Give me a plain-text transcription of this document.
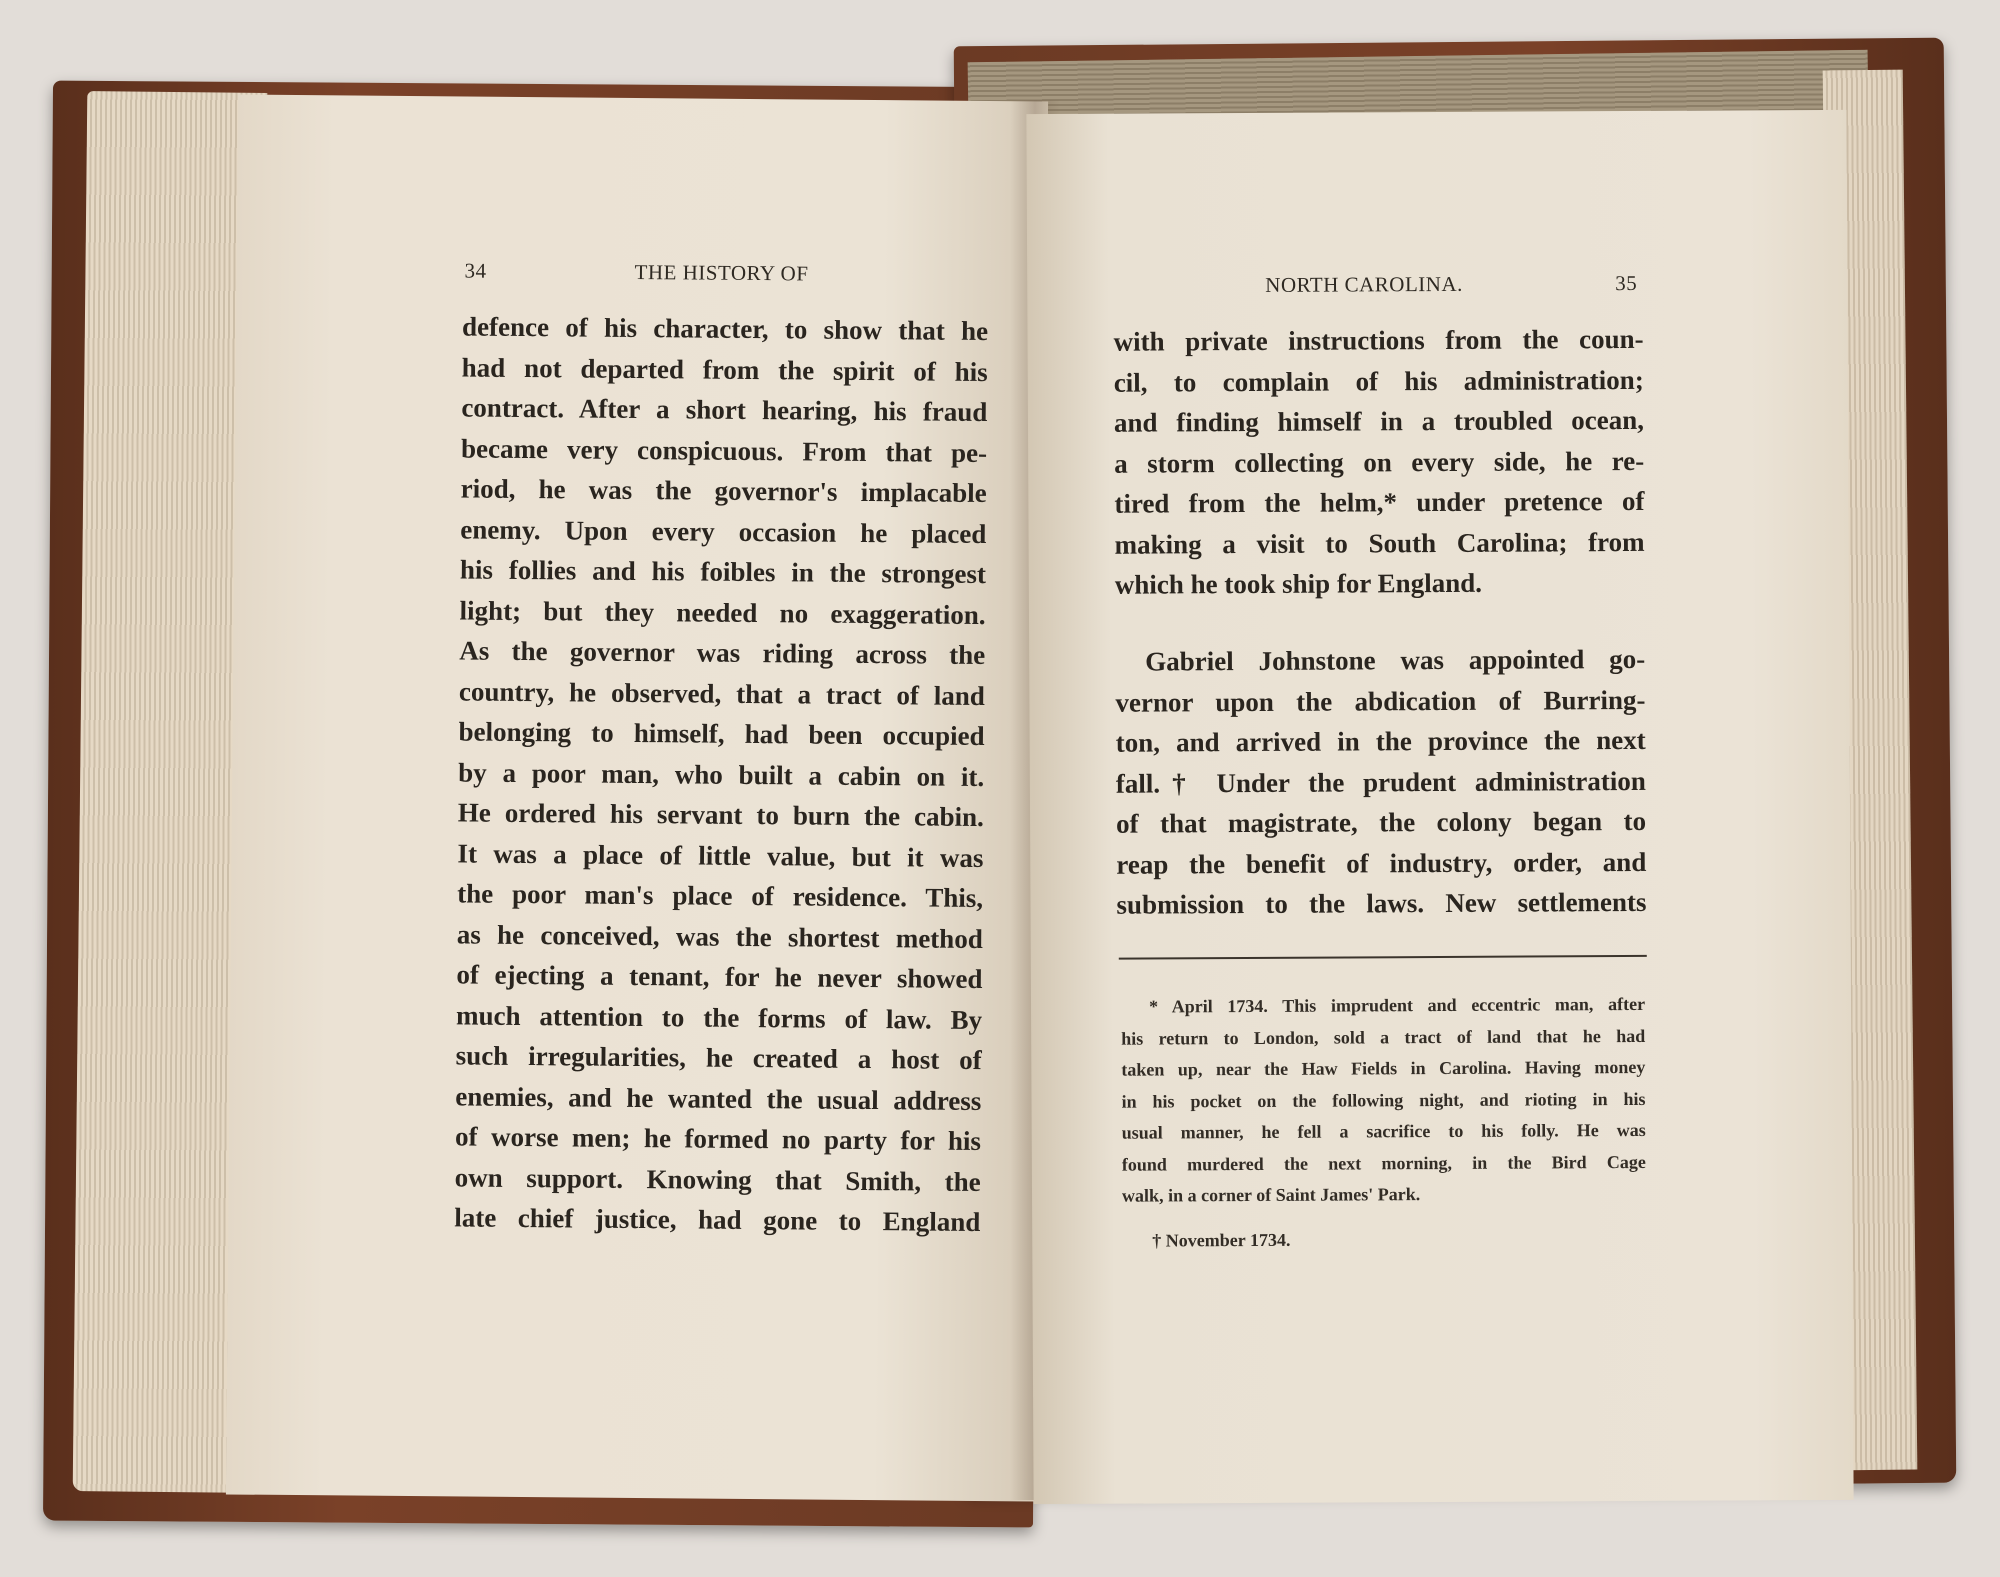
34	THE HISTORY OF
defence of his character, to show that he
had not departed from the spirit of his
contract. After a short hearing, his fraud
became very conspicuous. From that pe-
riod, he was the governor's implacable
enemy. Upon every occasion he placed
his follies and his foibles in the strongest
light; but they needed no exaggeration.
As the governor was riding across the
country, he observed, that a tract of land
belonging to himself, had been occupied
by a poor man, who built a cabin on it.
He ordered his servant to burn the cabin.
It was a place of little value, but it was
the poor man's place of residence. This,
as he conceived, was the shortest method
of ejecting a tenant, for he never showed
much attention to the forms of law. By
such irregularities, he created a host of
enemies, and he wanted the usual address
of worse men; he formed no party for his
own support. Knowing that Smith, the
late chief justice, had gone to England
NORTH CAROLINA.	35
with private instructions from the coun-
cil, to complain of his administration;
and finding himself in a troubled ocean,
a storm collecting on every side, he re-
tired from the helm,* under pretence of
making a visit to South Carolina; from
which he took ship for England.
Gabriel Johnstone was appointed go-
vernor upon the abdication of Burring-
ton, and arrived in the province the next
fall.† Under the prudent administration
of that magistrate, the colony began to
reap the benefit of industry, order, and
submission to the laws. New settlements
* April 1734. This imprudent and eccentric man, after
his return to London, sold a tract of land that he had
taken up, near the Haw Fields in Carolina. Having money
in his pocket on the following night, and rioting in his
usual manner, he fell a sacrifice to his folly. He was
found murdered the next morning, in the Bird Cage
walk, in a corner of Saint James' Park.
† November 1734.
